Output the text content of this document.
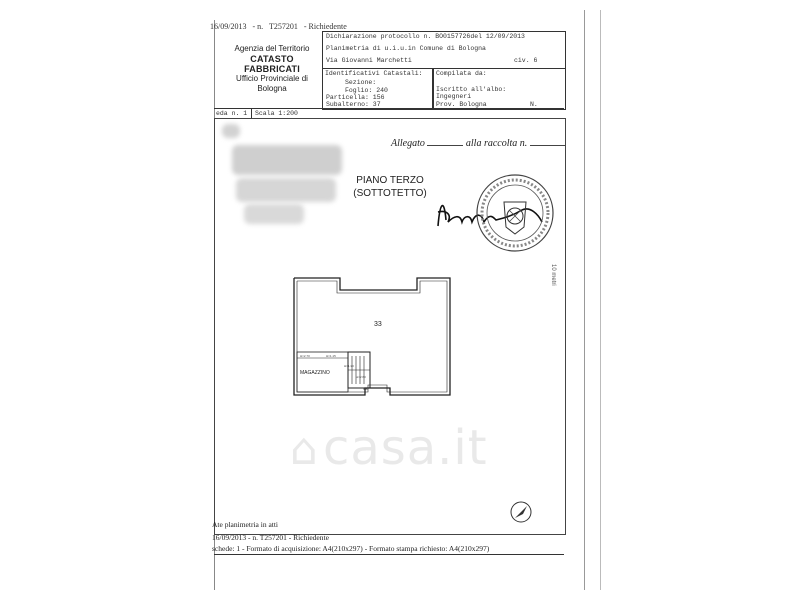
16/09/2013 - n. T257201 - Richiedente
Agenzia del Territorio
CATASTO FABBRICATI
Ufficio Provinciale di
Bologna
Dichiarazione protocollo n. BO0157726del 12/09/2013
Planimetria di u.i.u.in Comune di Bologna
Via Giovanni Marchetti	civ. 6
Identificativi Catastali:
Sezione:
Foglio: 240
Particella: 156
Subalterno: 37
Compilata da:
Iscritto all'albo:
Ingegneri
Prov. Bologna	N.
eda n. 1 Scala 1:200
Allegato	alla raccolta n.
PIANO TERZO
(SOTTOTETTO)
33
MAGAZZINO
H=2.70	H=1.15
H=1.30
H=2.60
43
⌂casa.it
10 metri
Ate planimetria in atti
16/09/2013 - n. T257201 - Richiedente
schede: 1 - Formato di acquisizione: A4(210x297) - Formato stampa richiesto: A4(210x297)
